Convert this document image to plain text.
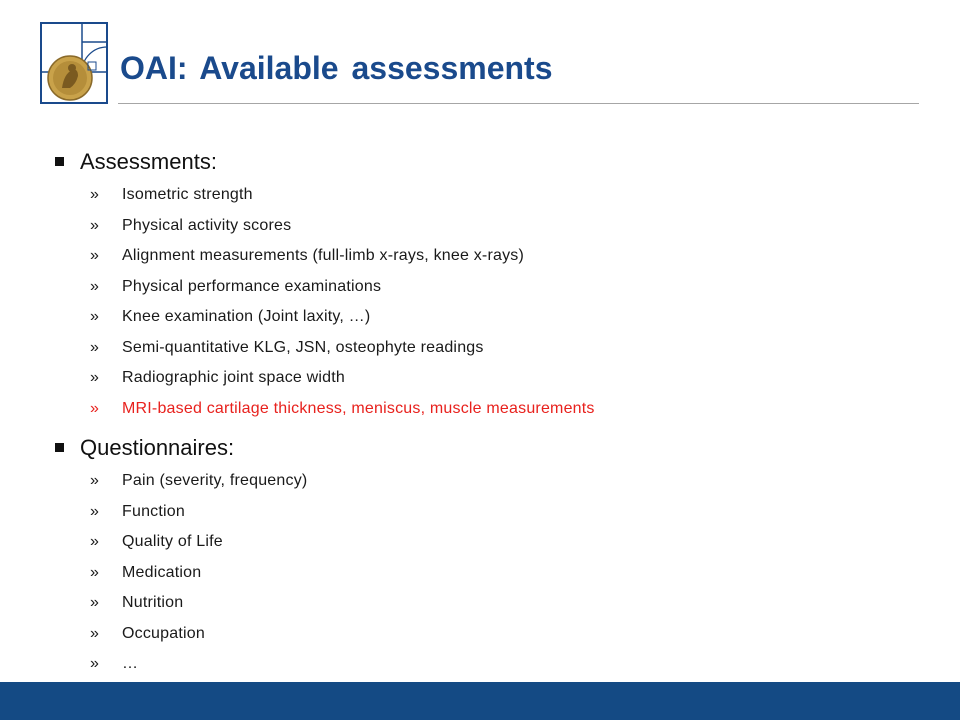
OAI: Available assessments
Assessments:
» Isometric strength
» Physical activity scores
» Alignment measurements (full-limb x-rays, knee x-rays)
» Physical performance examinations
» Knee examination (Joint laxity, …)
» Semi-quantitative KLG, JSN, osteophyte readings
» Radiographic joint space width
» MRI-based cartilage thickness, meniscus, muscle measurements
Questionnaires:
» Pain (severity, frequency)
» Function
» Quality of Life
» Medication
» Nutrition
» Occupation
» …
